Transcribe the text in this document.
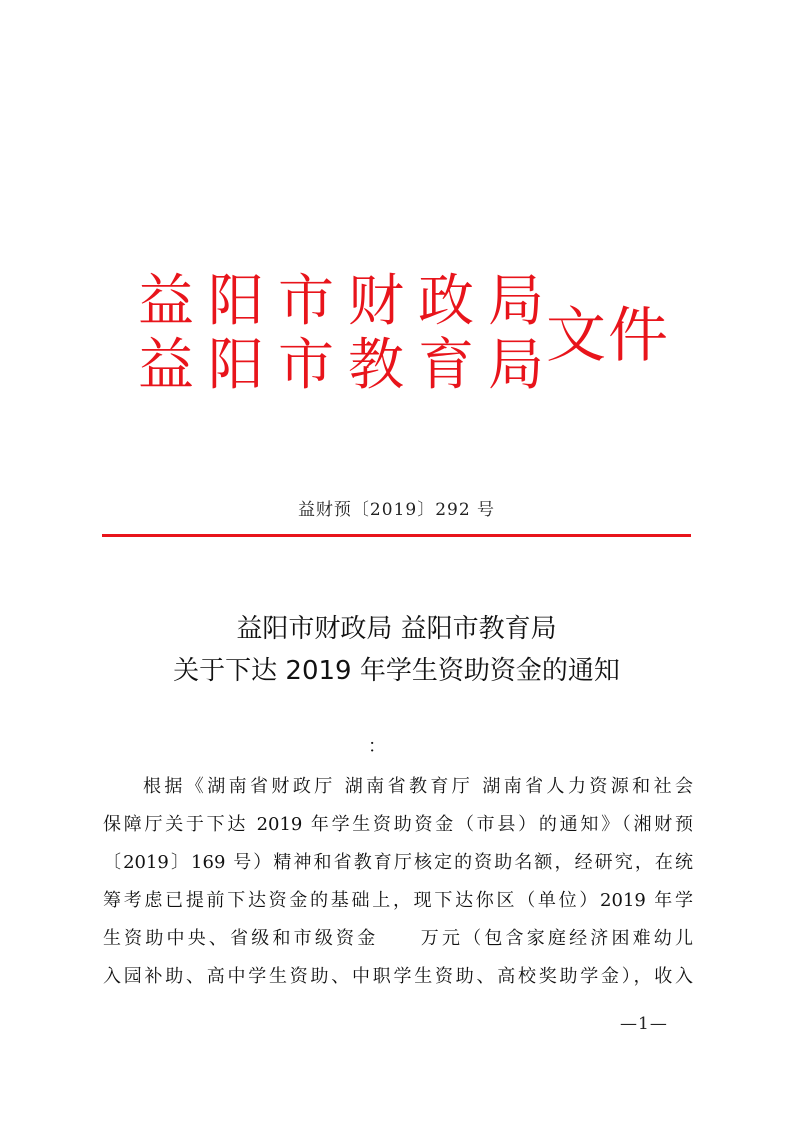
益阳市财政局
益阳市教育局
文件
益财预〔2019〕292 号
益阳市财政局 益阳市教育局
关于下达 2019 年学生资助资金的通知
：
根据《湖南省财政厅 湖南省教育厅 湖南省人力资源和社会
保障厅关于下达 2019 年学生资助资金（市县）的通知》（湘财预
〔2019〕169 号）精神和省教育厅核定的资助名额，经研究，在统
筹考虑已提前下达资金的基础上，现下达你区（单位）2019 年学
生资助中央、省级和市级资金　　万元（包含家庭经济困难幼儿
入园补助、高中学生资助、中职学生资助、高校奖助学金），收入
—1—
